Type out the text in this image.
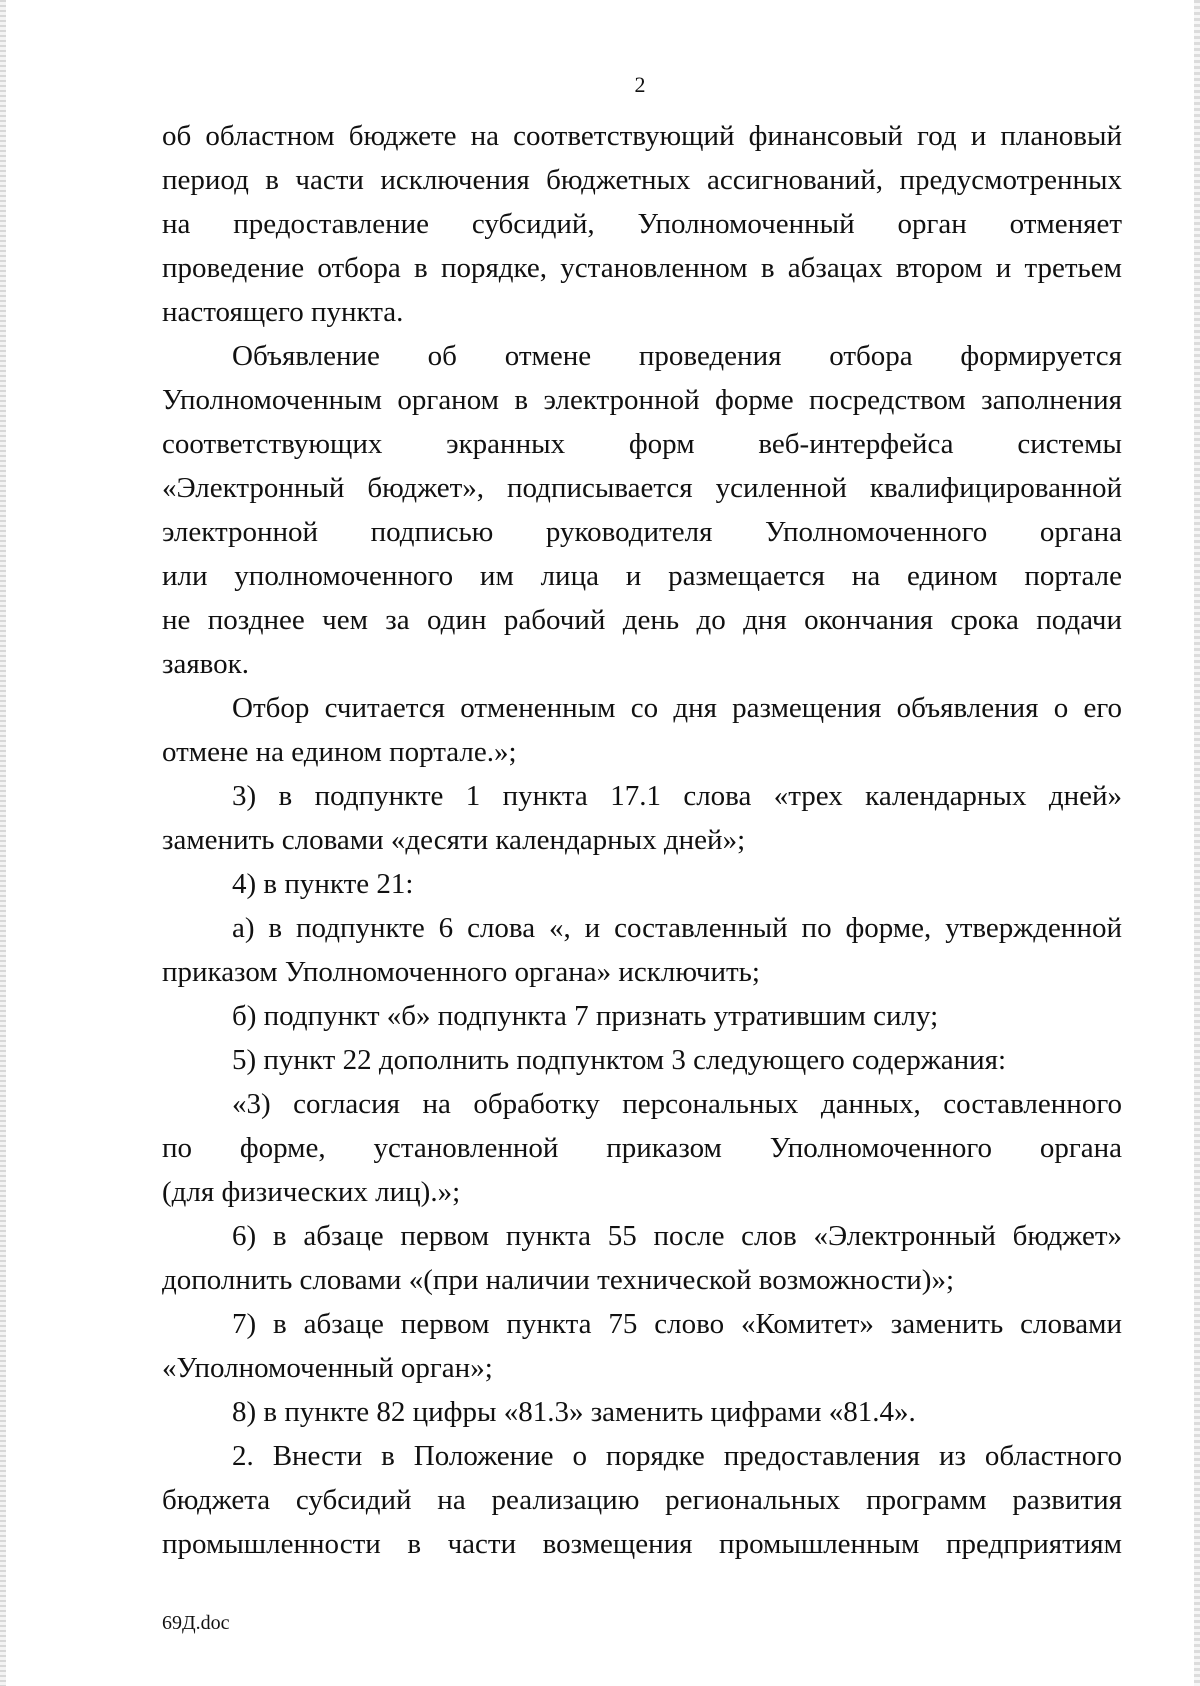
2
об областном бюджете на соответствующий финансовый год и плановый
период в части исключения бюджетных ассигнований, предусмотренных
на предоставление субсидий, Уполномоченный орган отменяет
проведение отбора в порядке, установленном в абзацах втором и третьем
настоящего пункта.
Объявление об отмене проведения отбора формируется
Уполномоченным органом в электронной форме посредством заполнения
соответствующих экранных форм веб-интерфейса системы
«Электронный бюджет», подписывается усиленной квалифицированной
электронной подписью руководителя Уполномоченного органа
или уполномоченного им лица и размещается на едином портале
не позднее чем за один рабочий день до дня окончания срока подачи
заявок.
Отбор считается отмененным со дня размещения объявления о его
отмене на едином портале.»;
3) в подпункте 1 пункта 17.1 слова «трех календарных дней»
заменить словами «десяти календарных дней»;
4) в пункте 21:
а) в подпункте 6 слова «, и составленный по форме, утвержденной
приказом Уполномоченного органа» исключить;
б) подпункт «б» подпункта 7 признать утратившим силу;
5) пункт 22 дополнить подпунктом 3 следующего содержания:
«3) согласия на обработку персональных данных, составленного
по форме, установленной приказом Уполномоченного органа
(для физических лиц).»;
6) в абзаце первом пункта 55 после слов «Электронный бюджет»
дополнить словами «(при наличии технической возможности)»;
7) в абзаце первом пункта 75 слово «Комитет» заменить словами
«Уполномоченный орган»;
8) в пункте 82 цифры «81.3» заменить цифрами «81.4».
2. Внести в Положение о порядке предоставления из областного
бюджета субсидий на реализацию региональных программ развития
промышленности в части возмещения промышленным предприятиям
69Д.doc
